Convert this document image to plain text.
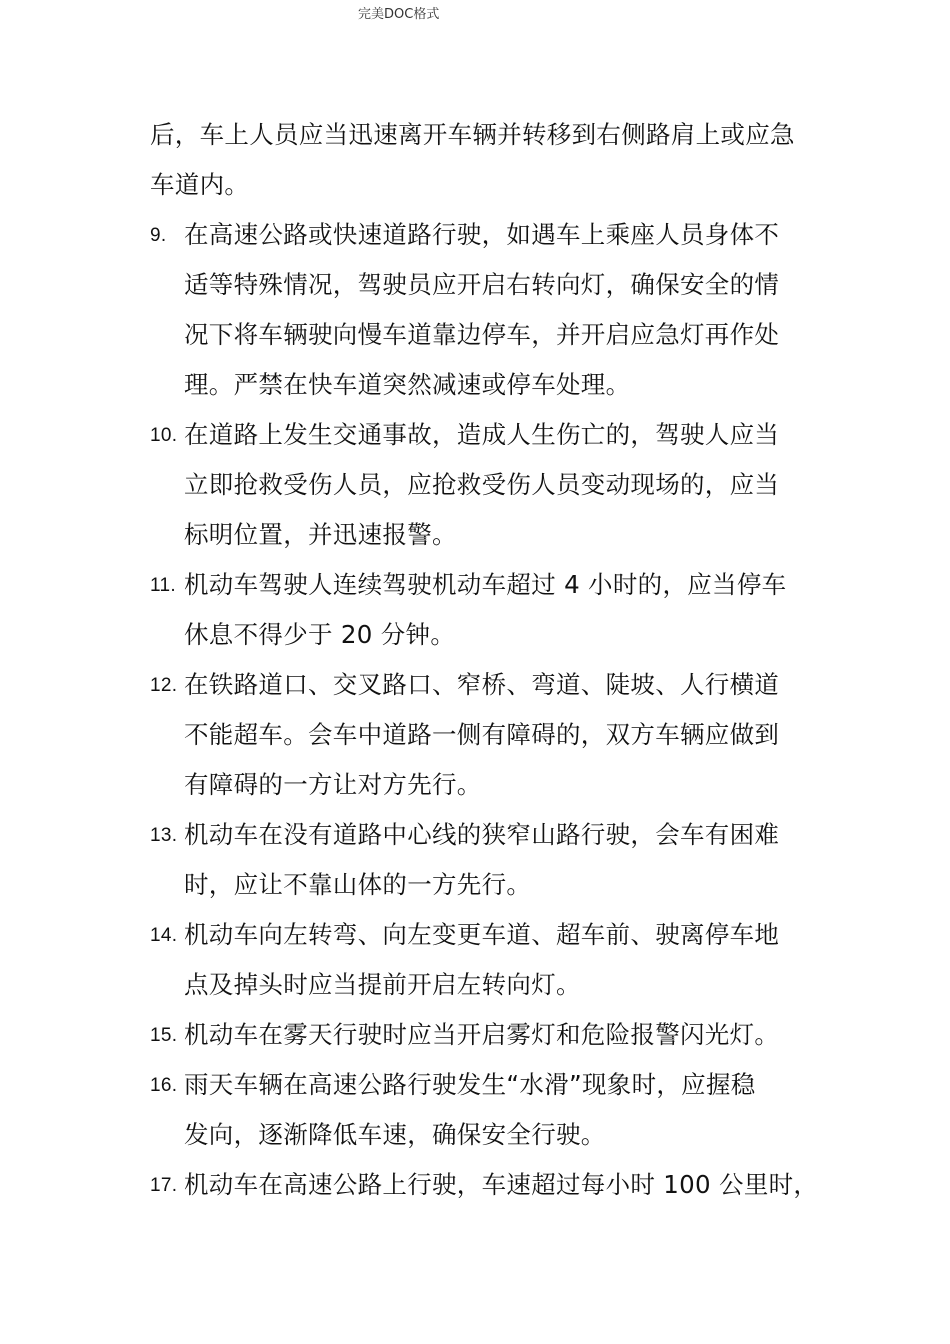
完美DOC格式
后，车上人员应当迅速离开车辆并转移到右侧路肩上或应急
车道内。
9. 在高速公路或快速道路行驶，如遇车上乘座人员身体不
适等特殊情况，驾驶员应开启右转向灯，确保安全的情
况下将车辆驶向慢车道靠边停车，并开启应急灯再作处
理。严禁在快车道突然减速或停车处理。
10. 在道路上发生交通事故，造成人生伤亡的，驾驶人应当
立即抢救受伤人员，应抢救受伤人员变动现场的，应当
标明位置，并迅速报警。
11. 机动车驾驶人连续驾驶机动车超过 4 小时的，应当停车
休息不得少于 20 分钟。
12. 在铁路道口、交叉路口、窄桥、弯道、陡坡、人行横道
不能超车。会车中道路一侧有障碍的，双方车辆应做到
有障碍的一方让对方先行。
13. 机动车在没有道路中心线的狭窄山路行驶，会车有困难
时，应让不靠山体的一方先行。
14. 机动车向左转弯、向左变更车道、超车前、驶离停车地
点及掉头时应当提前开启左转向灯。
15. 机动车在雾天行驶时应当开启雾灯和危险报警闪光灯。
16. 雨天车辆在高速公路行驶发生“水滑”现象时，应握稳
发向，逐渐降低车速，确保安全行驶。
17. 机动车在高速公路上行驶，车速超过每小时 100 公里时，
